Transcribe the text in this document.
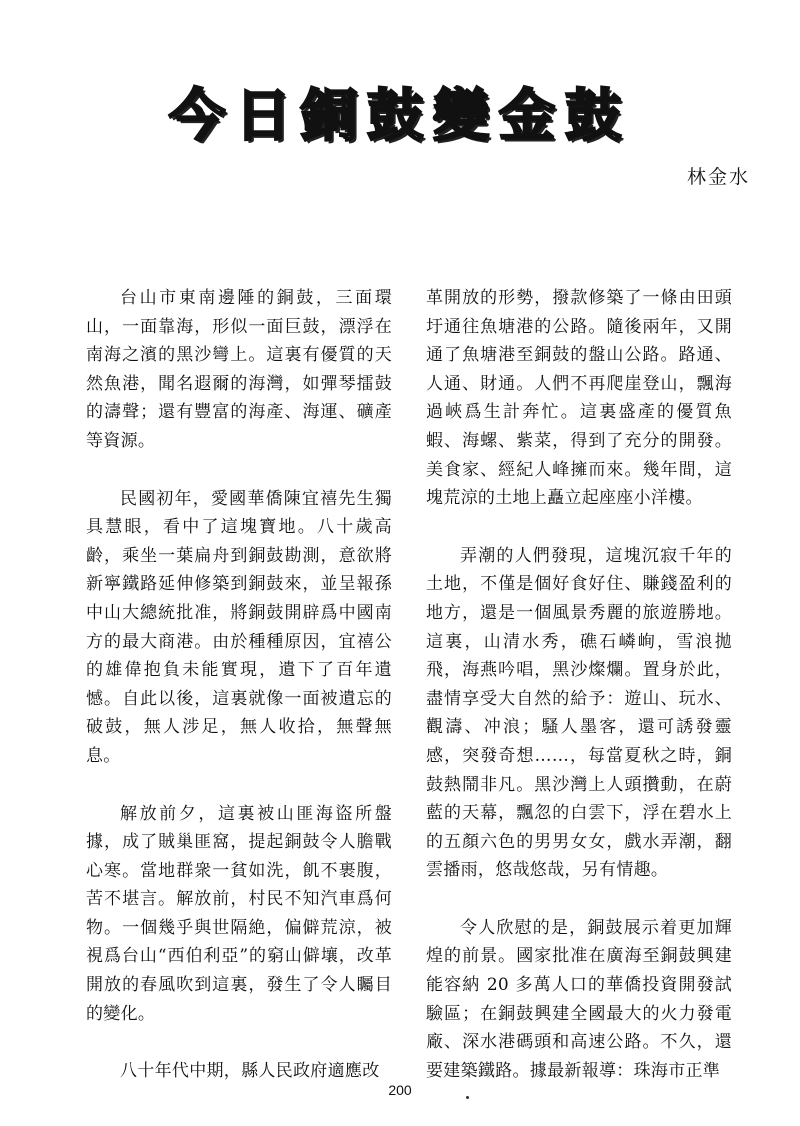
今日銅鼓變金鼓
林金水

台山市東南邊陲的銅鼓，三面環山，一面靠海，形似一面巨鼓，漂浮在南海之濱的黑沙彎上。這裏有優質的天然魚港，聞名遐爾的海灣，如彈琴擂鼓的濤聲；還有豐富的海產、海運、礦產等資源。

民國初年，愛國華僑陳宜禧先生獨具慧眼，看中了這塊寶地。八十歲高齡，乘坐一葉扁舟到銅鼓勘測，意欲將新寧鐵路延伸修築到銅鼓來，並呈報孫中山大總統批准，將銅鼓開辟爲中國南方的最大商港。由於種種原因，宜禧公的雄偉抱負未能實現，遺下了百年遺憾。自此以後，這裏就像一面被遺忘的破鼓，無人涉足，無人收拾，無聲無息。

解放前夕，這裏被山匪海盜所盤據，成了賊巢匪窩，提起銅鼓令人膽戰心寒。當地群衆一貧如洗，飢不裹腹，苦不堪言。解放前，村民不知汽車爲何物。一個幾乎與世隔絶，偏僻荒涼，被視爲台山“西伯利亞”的窮山僻壤，改革開放的春風吹到這裏，發生了令人矚目的變化。

八十年代中期，縣人民政府適應改

革開放的形勢，撥款修築了一條由田頭圩通往魚塘港的公路。隨後兩年，又開通了魚塘港至銅鼓的盤山公路。路通、人通、財通。人們不再爬崖登山，飄海過峽爲生計奔忙。這裏盛產的優質魚蝦、海螺、紫菜，得到了充分的開發。美食家、經紀人峰擁而來。幾年間，這塊荒涼的土地上矗立起座座小洋樓。

弄潮的人們發現，這塊沉寂千年的土地，不僅是個好食好住、賺錢盈利的地方，還是一個風景秀麗的旅遊勝地。這裏，山清水秀，礁石嶙峋，雪浪拋飛，海燕吟唱，黑沙燦爛。置身於此，盡情享受大自然的給予：遊山、玩水、觀濤、冲浪；騷人墨客，還可誘發靈感，突發奇想……，每當夏秋之時，銅鼓熱鬧非凡。黑沙灣上人頭攢動，在蔚藍的天幕，飄忽的白雲下，浮在碧水上的五顏六色的男男女女，戲水弄潮，翻雲播雨，悠哉悠哉，另有情趣。

令人欣慰的是，銅鼓展示着更加輝煌的前景。國家批准在廣海至銅鼓興建能容納 20 多萬人口的華僑投資開發試驗區；在銅鼓興建全國最大的火力發電廠、深水港碼頭和高速公路。不久，還要建築鐵路。據最新報導：珠海市正準

200
